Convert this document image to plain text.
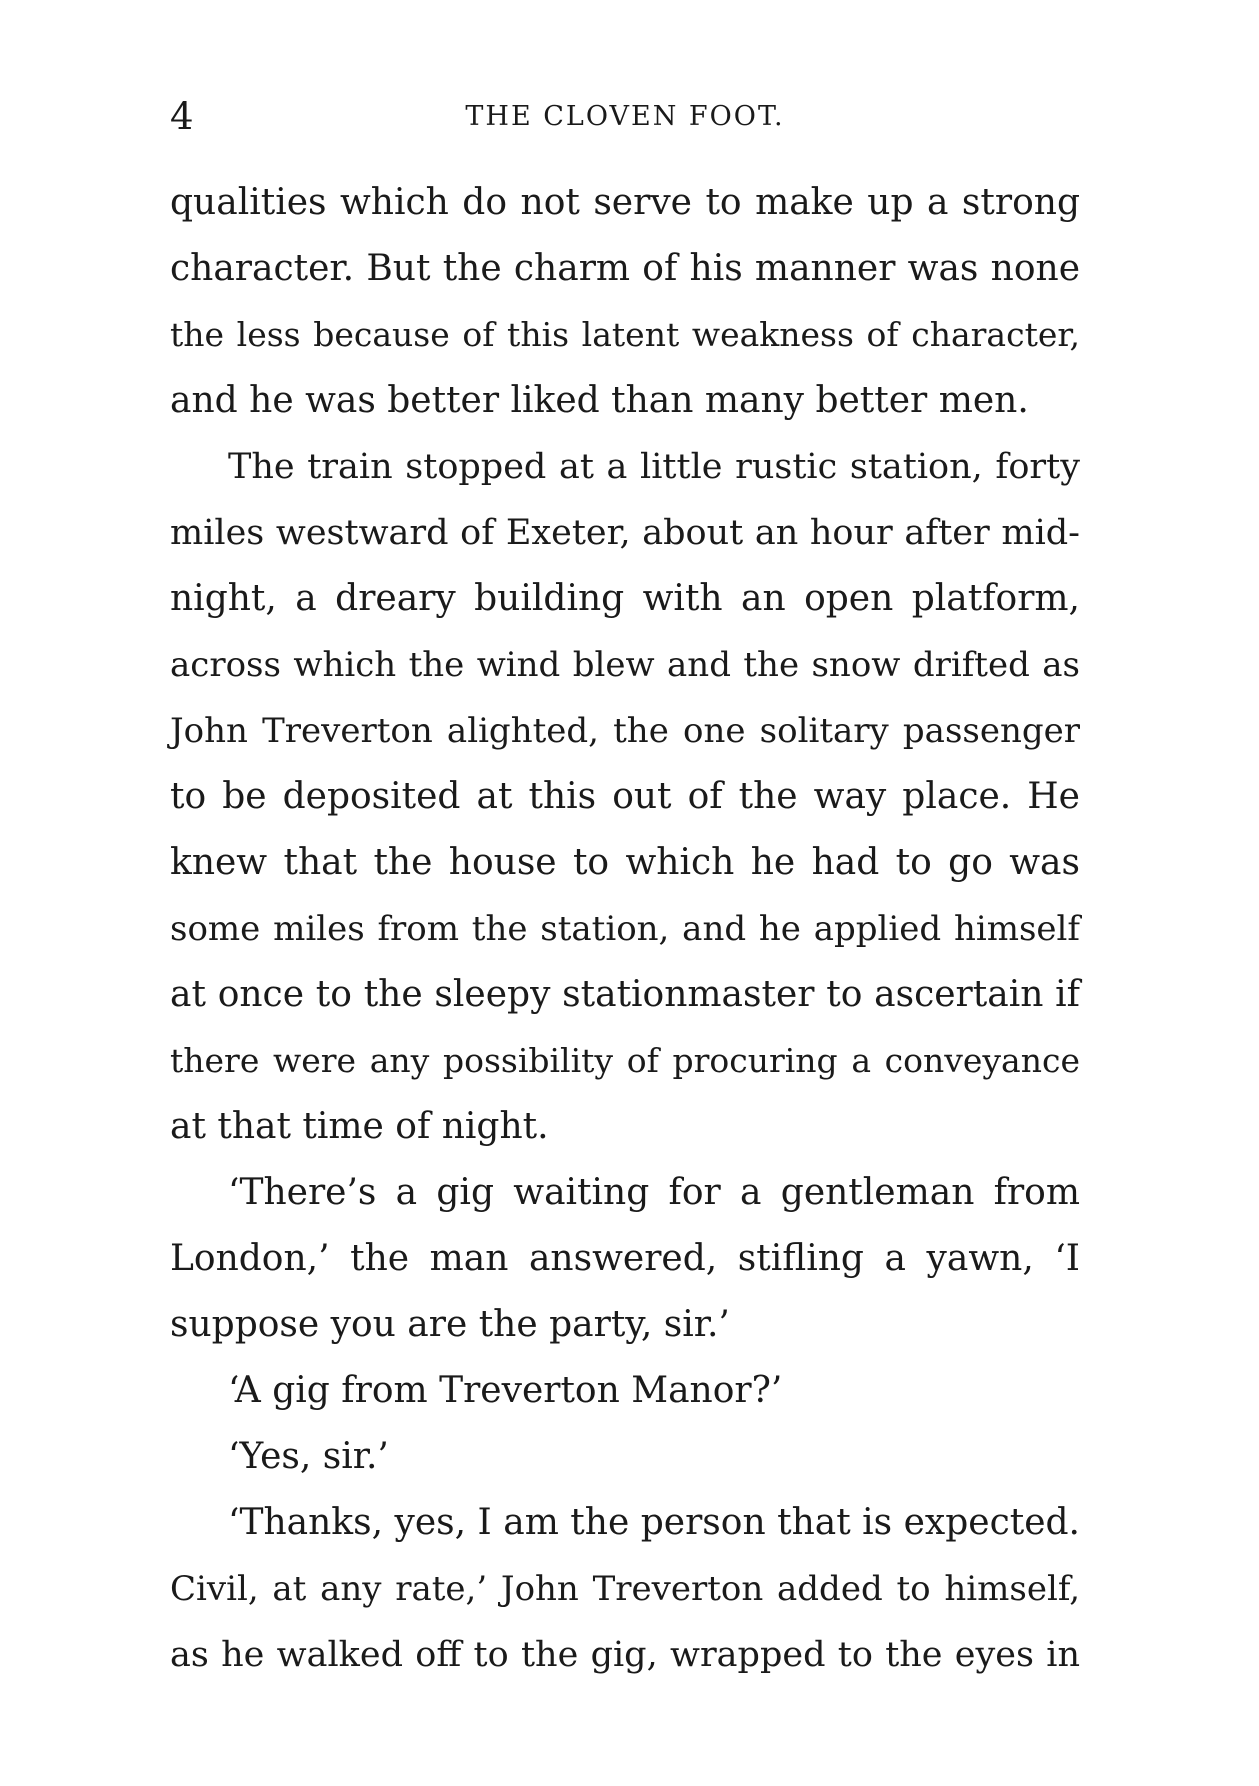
4	THE CLOVEN FOOT.
qualities which do not serve to make up a strong
character. But the charm of his manner was none
the less because of this latent weakness of character,
and he was better liked than many better men.
The train stopped at a little rustic station, forty
miles westward of Exeter, about an hour after mid-
night, a dreary building with an open platform,
across which the wind blew and the snow drifted as
John Treverton alighted, the one solitary passenger
to be deposited at this out of the way place. He
knew that the house to which he had to go was
some miles from the station, and he applied himself
at once to the sleepy stationmaster to ascertain if
there were any possibility of procuring a conveyance
at that time of night.
‘There’s a gig waiting for a gentleman from
London,’ the man answered, stifling a yawn, ‘I
suppose you are the party, sir.’
‘A gig from Treverton Manor?’
‘Yes, sir.’
‘Thanks, yes, I am the person that is expected.
Civil, at any rate,’ John Treverton added to himself,
as he walked off to the gig, wrapped to the eyes in
